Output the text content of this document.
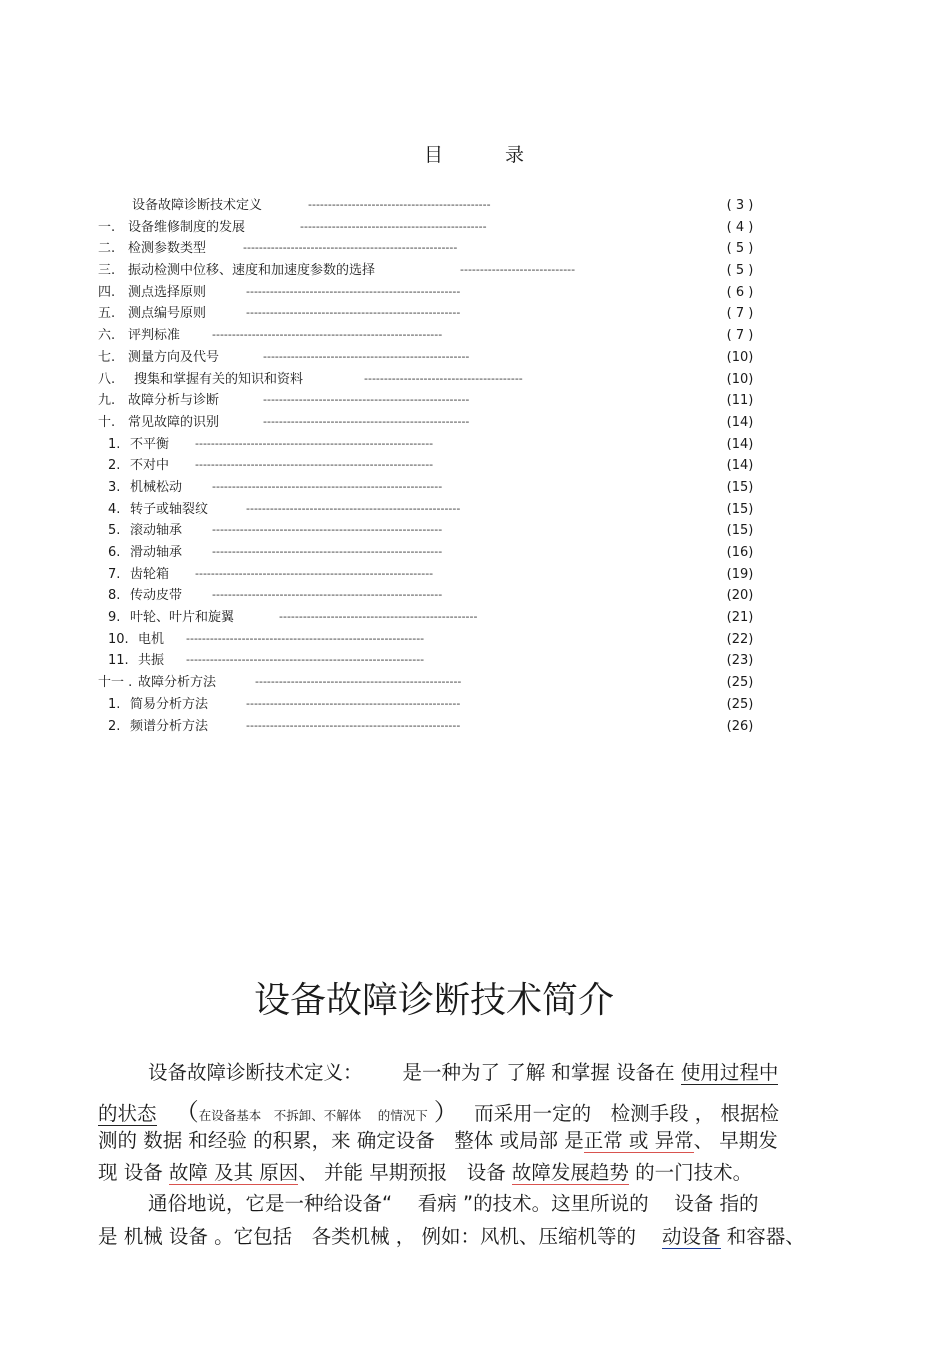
目	录
设备故障诊断技术定义	----------------------------------------------	( 3 )
一. 设备维修制度的发展	-----------------------------------------------	( 4 )
二. 检测参数类型	------------------------------------------------------	( 5 )
三. 振动检测中位移、速度和加速度参数的选择	-----------------------------	( 5 )
四. 测点选择原则	------------------------------------------------------	( 6 )
五. 测点编号原则	------------------------------------------------------	( 7 )
六. 评判标准	----------------------------------------------------------	( 7 )
七. 测量方向及代号	----------------------------------------------------	(10)
八. 搜集和掌握有关的知识和资料	----------------------------------------	(10)
九. 故障分析与诊断	----------------------------------------------------	(11)
十. 常见故障的识别	----------------------------------------------------	(14)
1. 不平衡 ------------------------------------------------------------	(14)
2. 不对中 ------------------------------------------------------------	(14)
3. 机械松动	----------------------------------------------------------	(15)
4. 转子或轴裂纹	------------------------------------------------------	(15)
5. 滚动轴承	----------------------------------------------------------	(15)
6. 滑动轴承	----------------------------------------------------------	(16)
7. 齿轮箱 ------------------------------------------------------------	(19)
8. 传动皮带	----------------------------------------------------------	(20)
9. 叶轮、叶片和旋翼	--------------------------------------------------	(21)
10. 电机 ------------------------------------------------------------	(22)
11. 共振 ------------------------------------------------------------	(23)
十一 . 故障分析方法	----------------------------------------------------	(25)
1. 简易分析方法	------------------------------------------------------	(25)
2. 频谱分析方法	------------------------------------------------------	(26)
设备故障诊断技术简介
设备故障诊断技术定义： 是一种为了 了解 和掌握 设备在 使用过程中
的状态 （在设备基本　不拆卸、不解体　 的情况下 ） 而采用一定的　检测手段 ， 根据检
测的 数据 和经验 的积累，来 确定设备　整体 或局部 是正常 或 异常、 早期发
现 设备 故障 及其 原因、 并能 早期预报　设备 故障发展趋势 的一门技术。
通俗地说，它是一种给设备“　 看病 ”的技术。这里所说的　 设备 指的
是 机械 设备 。它包括　各类机械 ， 例如：风机、压缩机等的 动设备 和容器、
